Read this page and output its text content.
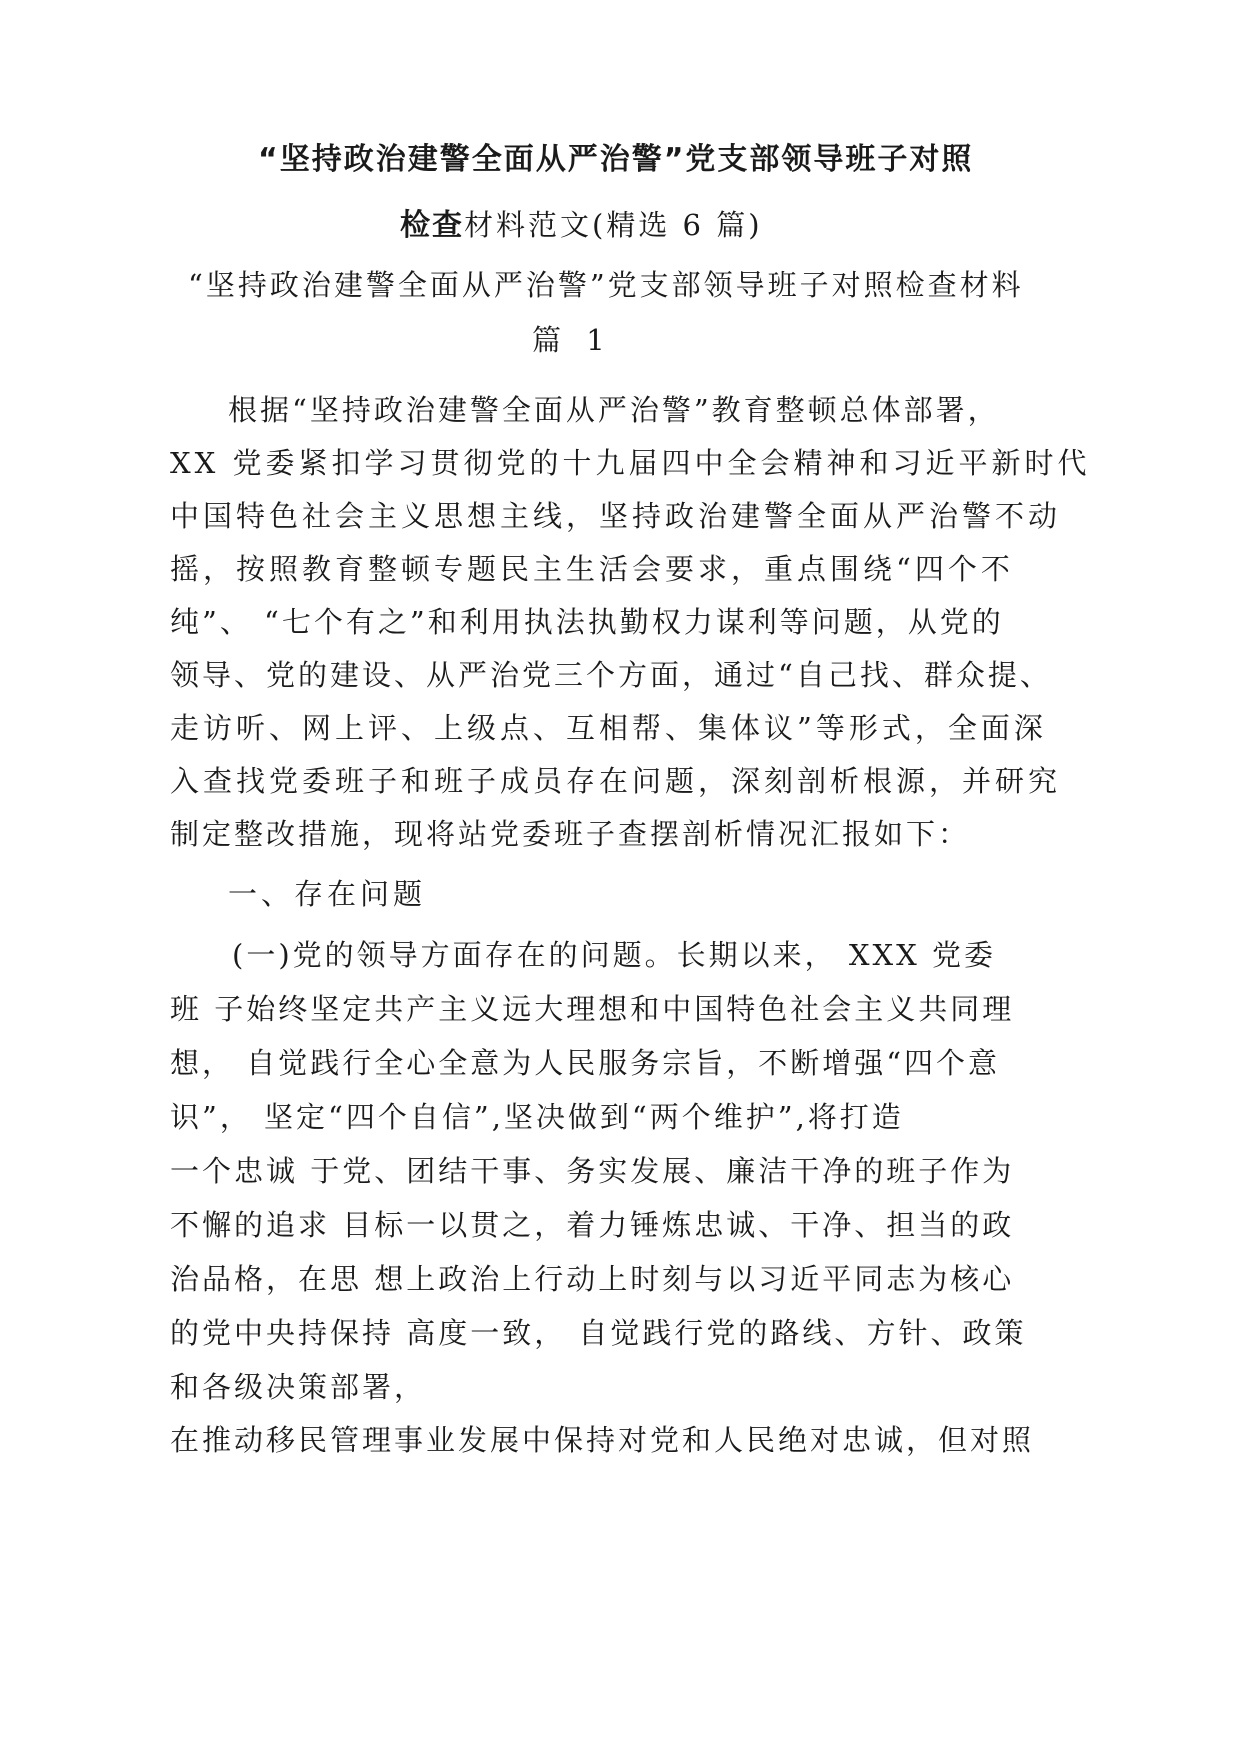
“坚持政治建警全面从严治警”党支部领导班子对照
检查材料范文(精选 6 篇)
“坚持政治建警全面从严治警”党支部领导班子对照检查材料
篇 1
根据“坚持政治建警全面从严治警”教育整顿总体部署，
XX 党委紧扣学习贯彻党的十九届四中全会精神和习近平新时代
中国特色社会主义思想主线，坚持政治建警全面从严治警不动
摇，按照教育整顿专题民主生活会要求，重点围绕“四个不
纯”、 “七个有之”和利用执法执勤权力谋利等问题，从党的
领导、党的建设、从严治党三个方面，通过“自己找、群众提、
走访听、网上评、上级点、互相帮、集体议”等形式，全面深
入查找党委班子和班子成员存在问题，深刻剖析根源，并研究
制定整改措施，现将站党委班子查摆剖析情况汇报如下：
一、存在问题
(一)党的领导方面存在的问题。长期以来， XXX 党委
班 子始终坚定共产主义远大理想和中国特色社会主义共同理
想， 自觉践行全心全意为人民服务宗旨，不断增强“四个意
识”， 坚定“四个自信”,坚决做到“两个维护”,将打造
一个忠诚 于党、团结干事、务实发展、廉洁干净的班子作为
不懈的追求 目标一以贯之，着力锤炼忠诚、干净、担当的政
治品格，在思 想上政治上行动上时刻与以习近平同志为核心
的党中央持保持 高度一致， 自觉践行党的路线、方针、政策
和各级决策部署，
在推动移民管理事业发展中保持对党和人民绝对忠诚，但对照
